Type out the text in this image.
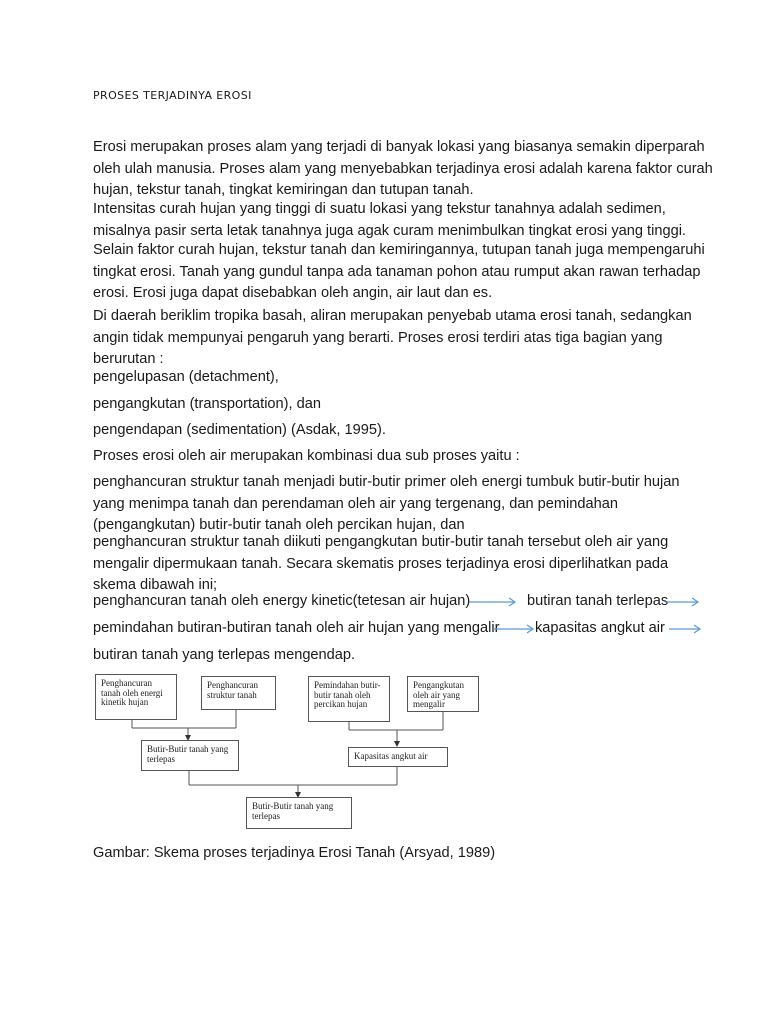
PROSES TERJADINYA EROSI

Erosi merupakan proses alam yang terjadi di banyak lokasi yang biasanya semakin diperparah oleh ulah manusia. Proses alam yang menyebabkan terjadinya erosi adalah karena faktor curah hujan, tekstur tanah, tingkat kemiringan dan tutupan tanah.

Intensitas curah hujan yang tinggi di suatu lokasi yang tekstur tanahnya adalah sedimen, misalnya pasir serta letak tanahnya juga agak curam menimbulkan tingkat erosi yang tinggi.

Selain faktor curah hujan, tekstur tanah dan kemiringannya, tutupan tanah juga mempengaruhi tingkat erosi. Tanah yang gundul tanpa ada tanaman pohon atau rumput akan rawan terhadap erosi. Erosi juga dapat disebabkan oleh angin, air laut dan es.

Di daerah beriklim tropika basah, aliran merupakan penyebab utama erosi tanah, sedangkan angin tidak mempunyai pengaruh yang berarti. Proses erosi terdiri atas tiga bagian yang berurutan :

pengelupasan (detachment),

pengangkutan (transportation), dan

pengendapan (sedimentation) (Asdak, 1995).

Proses erosi oleh air merupakan kombinasi dua sub proses yaitu :

penghancuran struktur tanah menjadi butir-butir primer oleh energi tumbuk butir-butir hujan yang menimpa tanah dan perendaman oleh air yang tergenang, dan pemindahan (pengangkutan) butir-butir tanah oleh percikan hujan, dan

penghancuran struktur tanah diikuti pengangkutan butir-butir tanah tersebut oleh air yang mengalir dipermukaan tanah. Secara skematis proses terjadinya erosi diperlihatkan pada skema dibawah ini;

penghancuran tanah oleh energy kinetic(tetesan air hujan)	butiran tanah terlepas
pemindahan butiran-butiran tanah oleh air hujan yang mengalir kapasitas angkut air
butiran tanah yang terlepas mengendap.
Penghancuran tanah oleh energi kinetik hujan
Penghancuran struktur tanah
Pemindahan butir-butir tanah oleh percikan hujan
Pengangkutan oleh air yang mengalir
Butir-Butir tanah yang terlepas	Kapasitas angkut air
Butir-Butir tanah yang terlepas
Gambar: Skema proses terjadinya Erosi Tanah (Arsyad, 1989)
